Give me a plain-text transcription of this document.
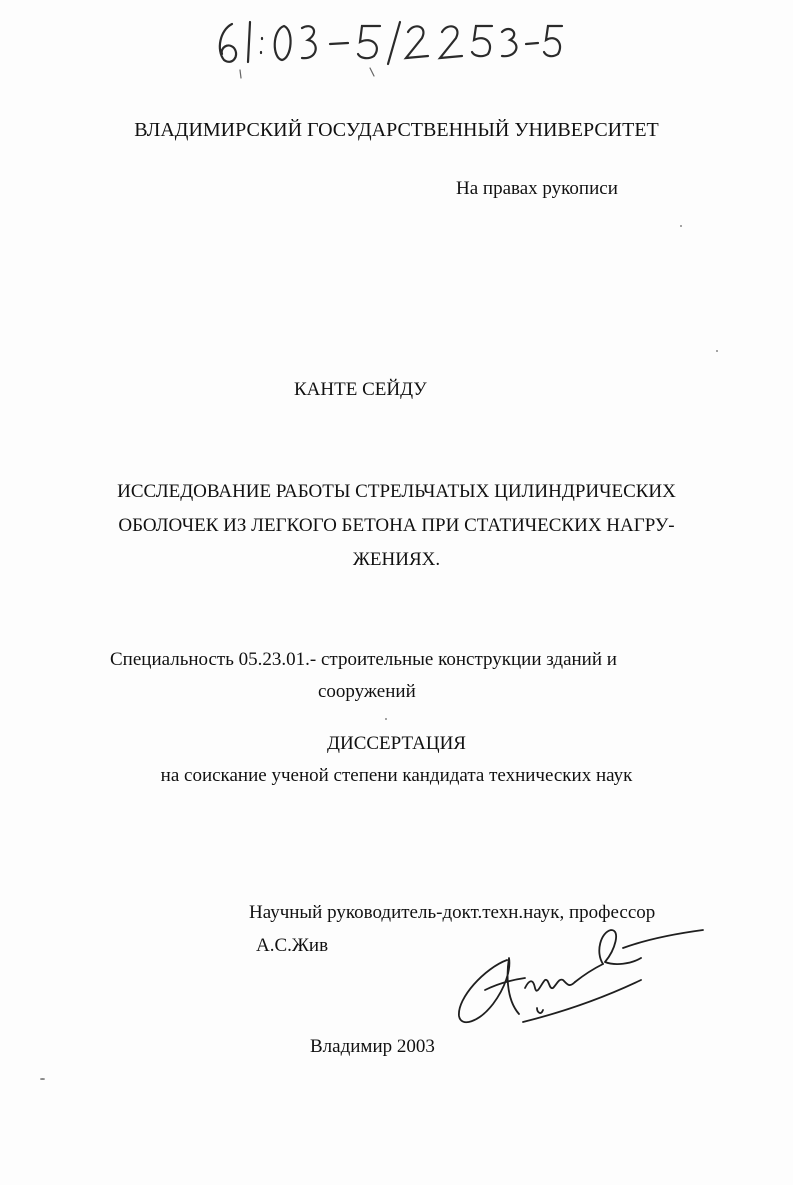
ВЛАДИМИРСКИЙ ГОСУДАРСТВЕННЫЙ УНИВЕРСИТЕТ
На правах рукописи
КАНТЕ СЕЙДУ
ИССЛЕДОВАНИЕ РАБОТЫ СТРЕЛЬЧАТЫХ ЦИЛИНДРИЧЕСКИХ
ОБОЛОЧЕК ИЗ ЛЕГКОГО БЕТОНА ПРИ СТАТИЧЕСКИХ НАГРУ-
ЖЕНИЯХ.
Специальность 05.23.01.- строительные конструкции зданий и
сооружений
ДИССЕРТАЦИЯ
на соискание ученой степени кандидата технических наук
Научный руководитель-докт.техн.наук, профессор
А.С.Жив
Владимир 2003
